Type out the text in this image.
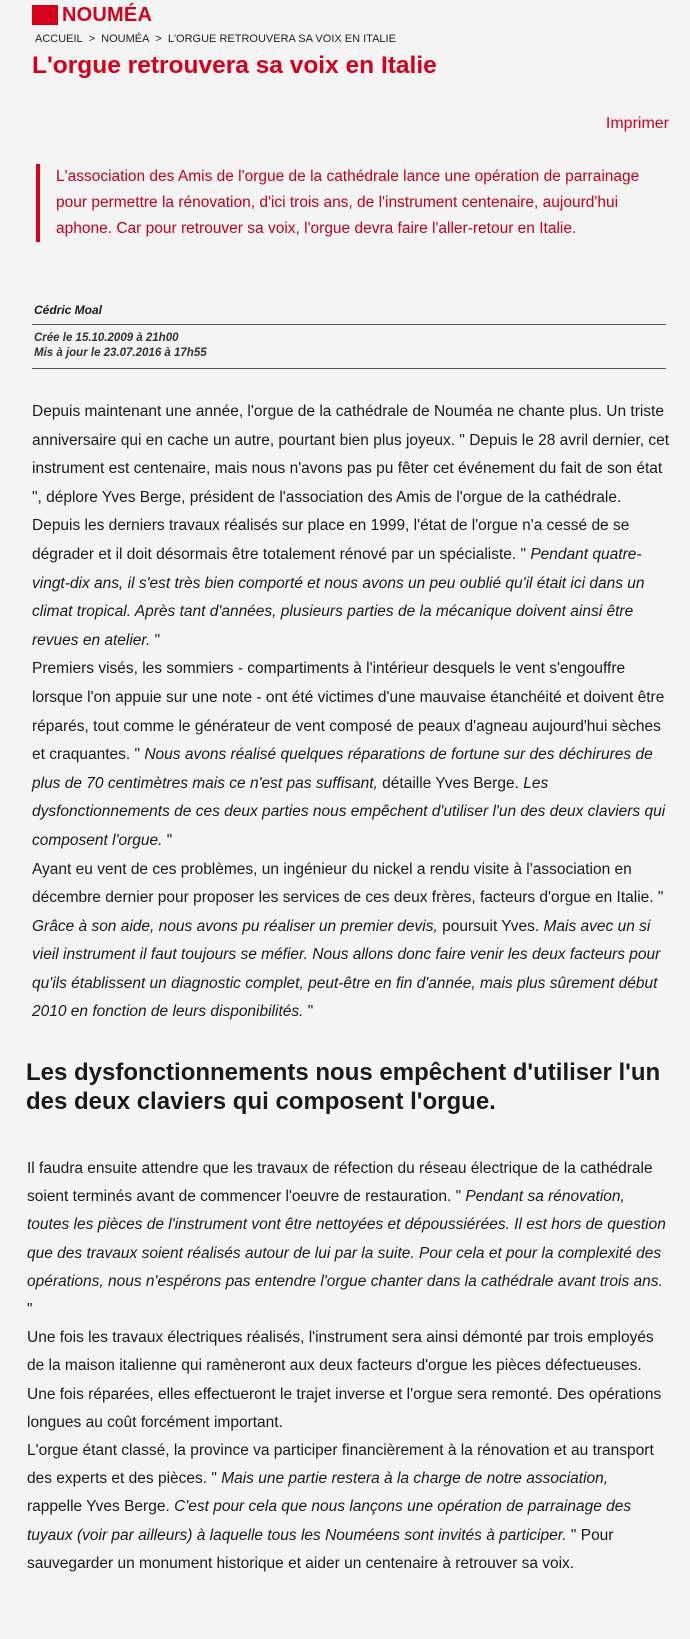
NOUMÉA
ACCUEIL > NOUMÉA > L'ORGUE RETROUVERA SA VOIX EN ITALIE
L'orgue retrouvera sa voix en Italie
Imprimer
L'association des Amis de l'orgue de la cathédrale lance une opération de parrainage pour permettre la rénovation, d'ici trois ans, de l'instrument centenaire, aujourd'hui aphone. Car pour retrouver sa voix, l'orgue devra faire l'aller-retour en Italie.
Cédric Moal
Crée le 15.10.2009 à 21h00
Mis à jour le 23.07.2016 à 17h55

Depuis maintenant une année, l'orgue de la cathédrale de Nouméa ne chante plus. Un triste anniversaire qui en cache un autre, pourtant bien plus joyeux. " Depuis le 28 avril dernier, cet instrument est centenaire, mais nous n'avons pas pu fêter cet événement du fait de son état ", déplore Yves Berge, président de l'association des Amis de l'orgue de la cathédrale. Depuis les derniers travaux réalisés sur place en 1999, l'état de l'orgue n'a cessé de se dégrader et il doit désormais être totalement rénové par un spécialiste. " Pendant quatre-vingt-dix ans, il s'est très bien comporté et nous avons un peu oublié qu'il était ici dans un climat tropical. Après tant d'années, plusieurs parties de la mécanique doivent ainsi être revues en atelier. "

Premiers visés, les sommiers - compartiments à l'intérieur desquels le vent s'engouffre lorsque l'on appuie sur une note - ont été victimes d'une mauvaise étanchéité et doivent être réparés, tout comme le générateur de vent composé de peaux d'agneau aujourd'hui sèches et craquantes. " Nous avons réalisé quelques réparations de fortune sur des déchirures de plus de 70 centimètres mais ce n'est pas suffisant, détaille Yves Berge. Les dysfonctionnements de ces deux parties nous empêchent d'utiliser l'un des deux claviers qui composent l'orgue. "

Ayant eu vent de ces problèmes, un ingénieur du nickel a rendu visite à l'association en décembre dernier pour proposer les services de ces deux frères, facteurs d'orgue en Italie. " Grâce à son aide, nous avons pu réaliser un premier devis, poursuit Yves. Mais avec un si vieil instrument il faut toujours se méfier. Nous allons donc faire venir les deux facteurs pour qu'ils établissent un diagnostic complet, peut-être en fin d'année, mais plus sûrement début 2010 en fonction de leurs disponibilités. "

Les dysfonctionnements nous empêchent d'utiliser l'un des deux claviers qui composent l'orgue.

Il faudra ensuite attendre que les travaux de réfection du réseau électrique de la cathédrale soient terminés avant de commencer l'oeuvre de restauration. " Pendant sa rénovation, toutes les pièces de l'instrument vont être nettoyées et dépoussiérées. Il est hors de question que des travaux soient réalisés autour de lui par la suite. Pour cela et pour la complexité des opérations, nous n'espérons pas entendre l'orgue chanter dans la cathédrale avant trois ans. "

Une fois les travaux électriques réalisés, l'instrument sera ainsi démonté par trois employés de la maison italienne qui ramèneront aux deux facteurs d'orgue les pièces défectueuses. Une fois réparées, elles effectueront le trajet inverse et l'orgue sera remonté. Des opérations longues au coût forcément important.

L'orgue étant classé, la province va participer financièrement à la rénovation et au transport des experts et des pièces. " Mais une partie restera à la charge de notre association, rappelle Yves Berge. C'est pour cela que nous lançons une opération de parrainage des tuyaux (voir par ailleurs) à laquelle tous les Nouméens sont invités à participer. " Pour sauvegarder un monument historique et aider un centenaire à retrouver sa voix.
